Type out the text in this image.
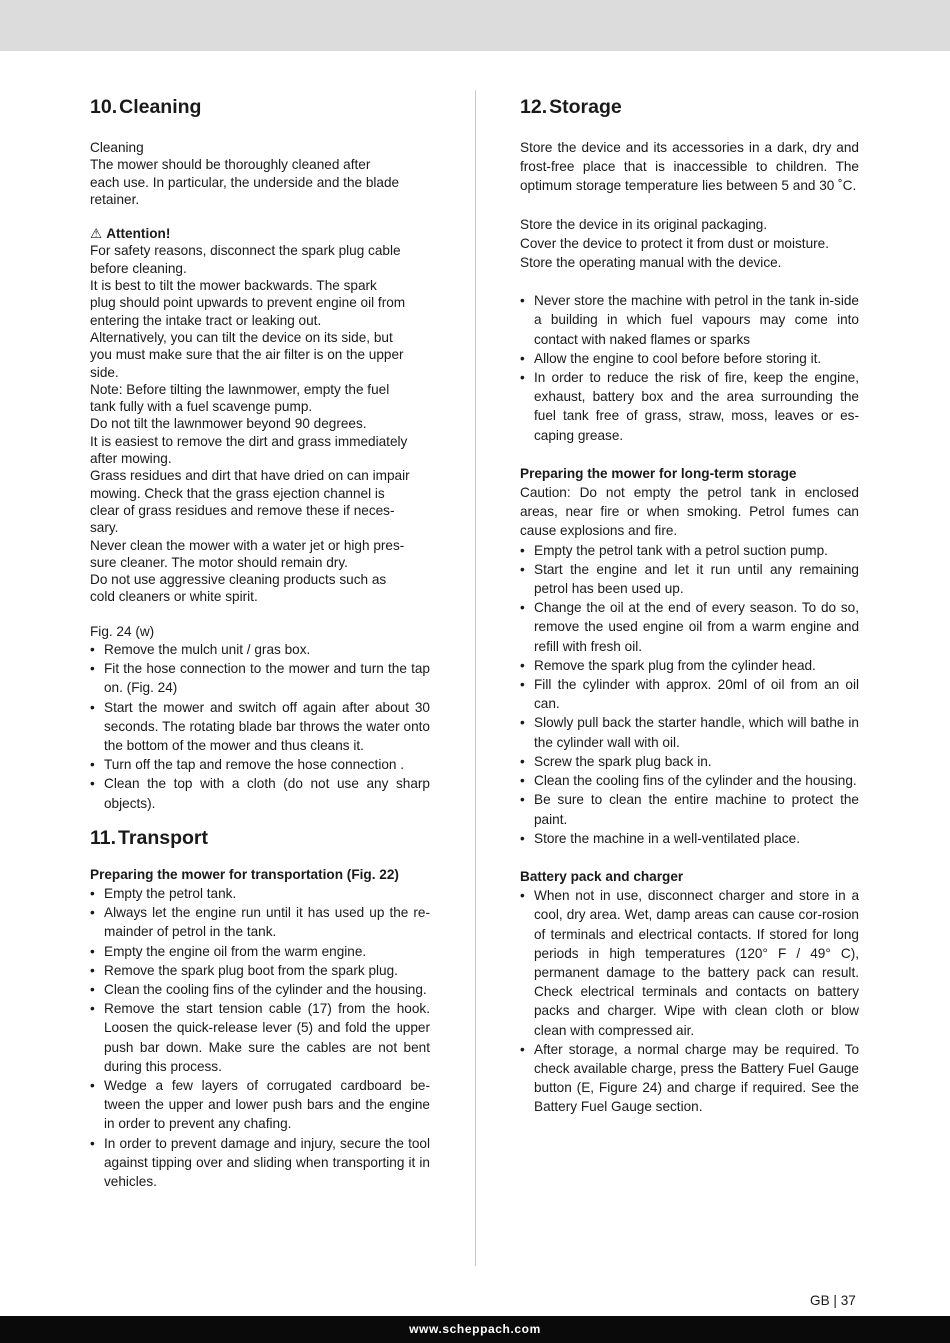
10. Cleaning
Cleaning
The mower should be thoroughly cleaned after
each use. In particular, the underside and the blade
retainer.
⚠ Attention!
For safety reasons, disconnect the spark plug cable
before cleaning.
It is best to tilt the mower backwards. The spark
plug should point upwards to prevent engine oil from
entering the intake tract or leaking out.
Alternatively, you can tilt the device on its side, but
you must make sure that the air filter is on the upper
side.
Note: Before tilting the lawnmower, empty the fuel
tank fully with a fuel scavenge pump.
Do not tilt the lawnmower beyond 90 degrees.
It is easiest to remove the dirt and grass immediately
after mowing.
Grass residues and dirt that have dried on can impair
mowing. Check that the grass ejection channel is
clear of grass residues and remove these if neces-
sary.
Never clean the mower with a water jet or high pres-
sure cleaner. The motor should remain dry.
Do not use aggressive cleaning products such as
cold cleaners or white spirit.
Fig. 24 (w)
• Remove the mulch unit / gras box.
• Fit the hose connection to the mower and turn the tap on. (Fig. 24)
• Start the mower and switch off again after about 30 seconds. The rotating blade bar throws the water onto the bottom of the mower and thus cleans it.
• Turn off the tap and remove the hose connection .
• Clean the top with a cloth (do not use any sharp objects).
11. Transport
Preparing the mower for transportation (Fig. 22)
• Empty the petrol tank.
• Always let the engine run until it has used up the re-mainder of petrol in the tank.
• Empty the engine oil from the warm engine.
• Remove the spark plug boot from the spark plug.
• Clean the cooling fins of the cylinder and the housing.
• Remove the start tension cable (17) from the hook. Loosen the quick-release lever (5) and fold the upper push bar down. Make sure the cables are not bent during this process.
• Wedge a few layers of corrugated cardboard be-tween the upper and lower push bars and the engine in order to prevent any chafing.
• In order to prevent damage and injury, secure the tool against tipping over and sliding when transporting it in vehicles.
12. Storage
Store the device and its accessories in a dark, dry and frost-free place that is inaccessible to children. The optimum storage temperature lies between 5 and 30 ˚C.
Store the device in its original packaging.
Cover the device to protect it from dust or moisture.
Store the operating manual with the device.
• Never store the machine with petrol in the tank in-side a building in which fuel vapours may come into contact with naked flames or sparks
• Allow the engine to cool before before storing it.
• In order to reduce the risk of fire, keep the engine, exhaust, battery box and the area surrounding the fuel tank free of grass, straw, moss, leaves or es-caping grease.
Preparing the mower for long-term storage
Caution: Do not empty the petrol tank in enclosed areas, near fire or when smoking. Petrol fumes can cause explosions and fire.
• Empty the petrol tank with a petrol suction pump.
• Start the engine and let it run until any remaining petrol has been used up.
• Change the oil at the end of every season. To do so, remove the used engine oil from a warm engine and refill with fresh oil.
• Remove the spark plug from the cylinder head.
• Fill the cylinder with approx. 20ml of oil from an oil can.
• Slowly pull back the starter handle, which will bathe in the cylinder wall with oil.
• Screw the spark plug back in.
• Clean the cooling fins of the cylinder and the housing.
• Be sure to clean the entire machine to protect the paint.
• Store the machine in a well-ventilated place.
Battery pack and charger
• When not in use, disconnect charger and store in a cool, dry area. Wet, damp areas can cause cor-rosion of terminals and electrical contacts. If stored for long periods in high temperatures (120° F / 49° C), permanent damage to the battery pack can result. Check electrical terminals and contacts on battery packs and charger. Wipe with clean cloth or blow clean with compressed air.
• After storage, a normal charge may be required. To check available charge, press the Battery Fuel Gauge button (E, Figure 24) and charge if required. See the Battery Fuel Gauge section.
GB | 37
www.scheppach.com
